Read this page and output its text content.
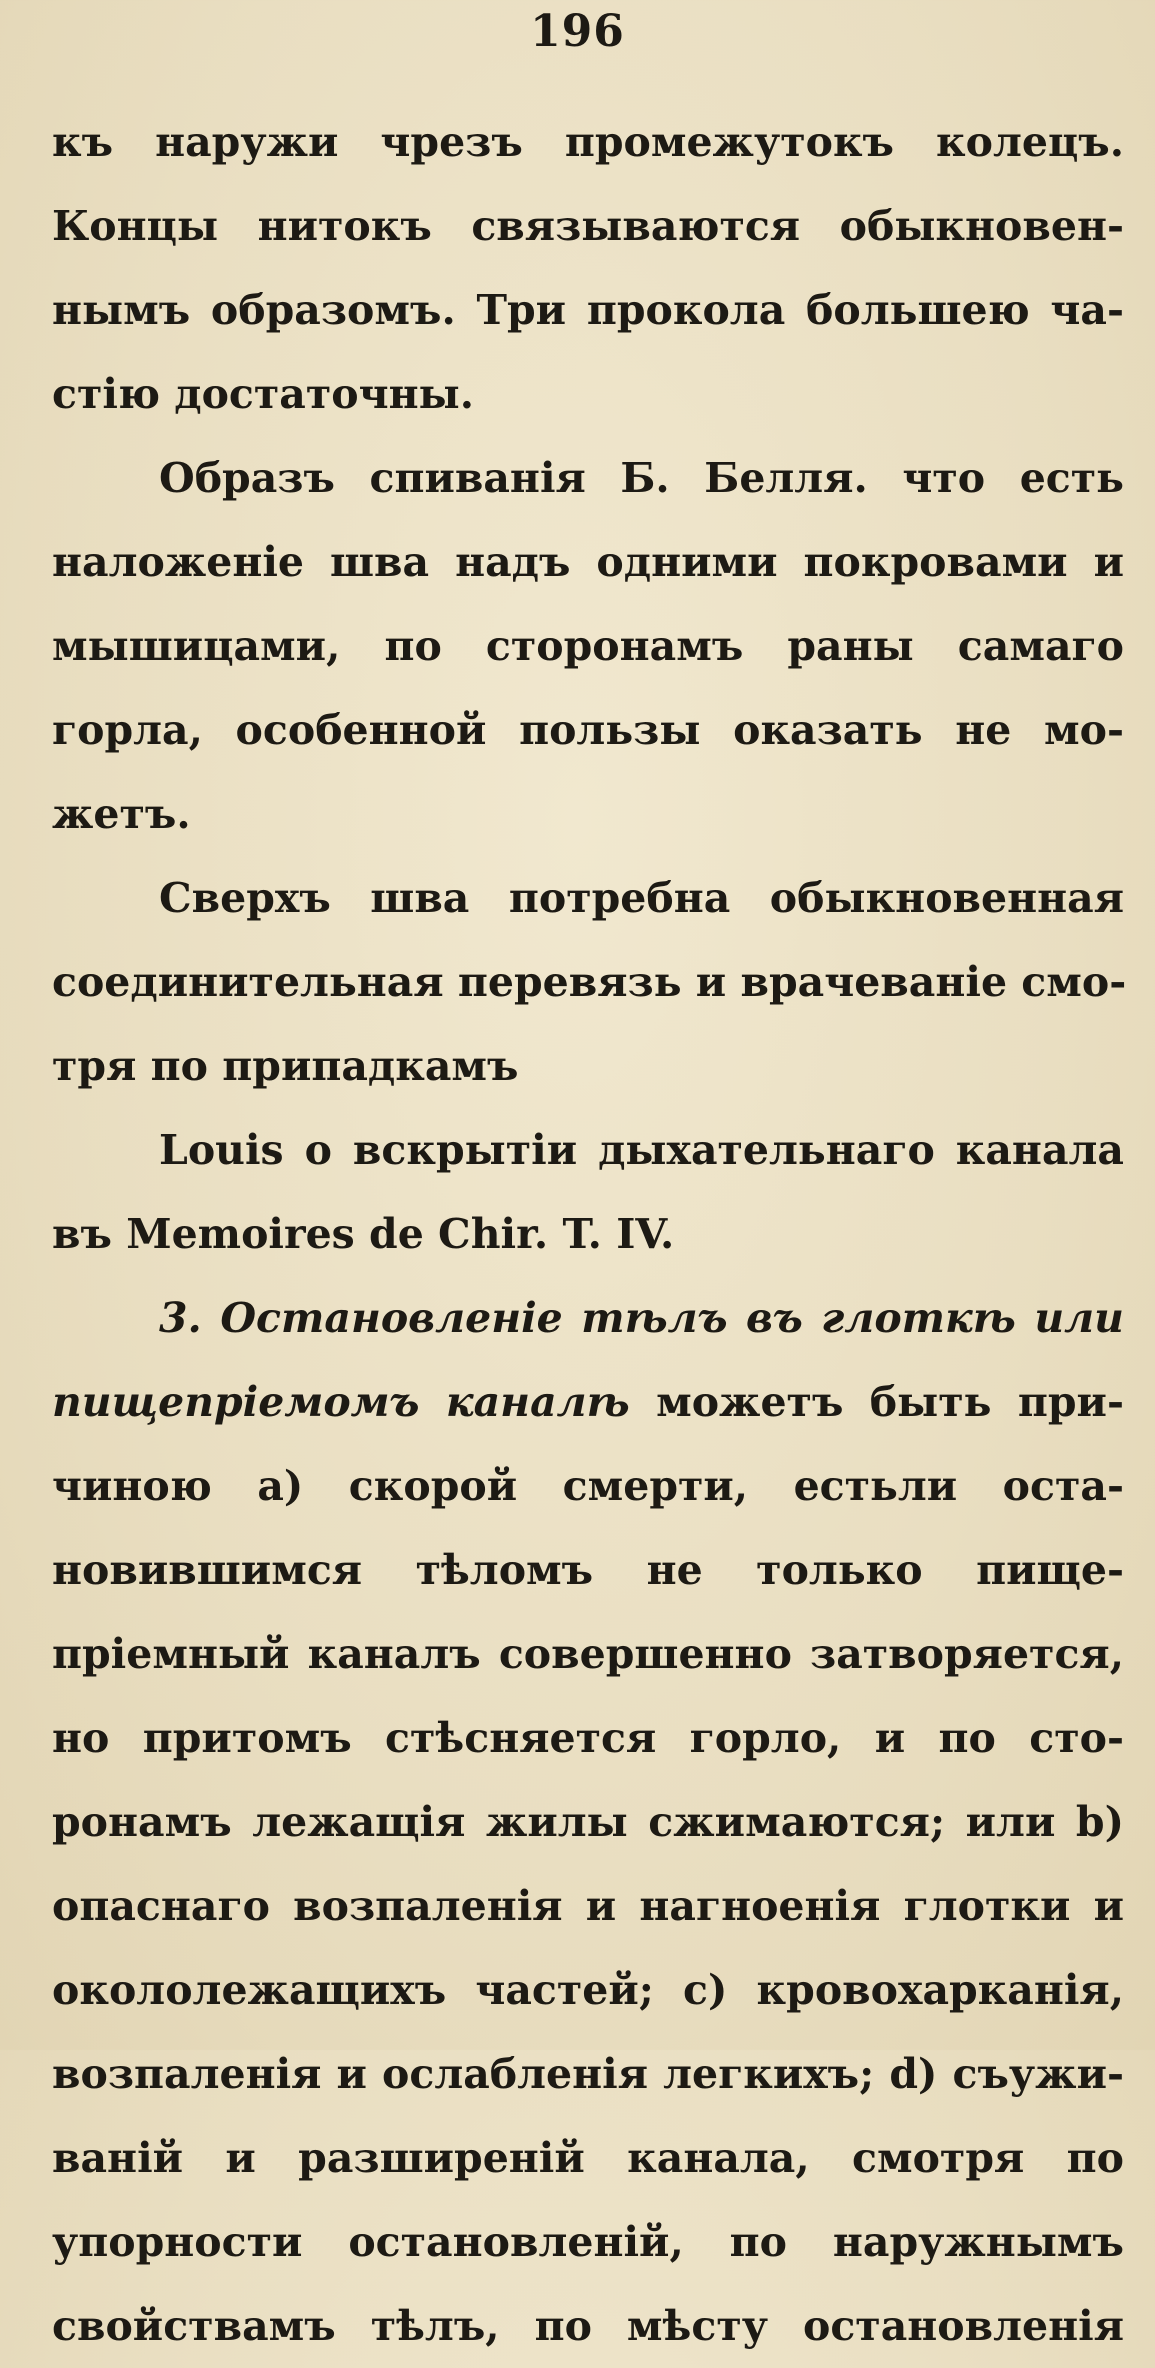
196
къ наружи чрезъ промежутокъ колецъ.
Концы нитокъ связываются обыкновен-
нымъ образомъ. Три прокола большею ча-
стію достаточны.
Образъ спиванія Б. Белля. что есть
наложеніе шва надъ одними покровами и
мышицами, по сторонамъ раны самаго
горла, особенной пользы оказать не мо-
жетъ.
Сверхъ шва потребна обыкновенная
соединительная перевязь и врачеваніе смо-
тря по припадкамъ
Louis о вскрытіи дыхательнаго канала
въ Memoires de Chir. T. IV.
3. Остановленіе тѣлъ въ глоткѣ или
пищепріемомъ каналѣ можетъ быть при-
чиною а) скорой смерти, естьли оста-
новившимся тѣломъ не только пище-
пріемный каналъ совершенно затворяется,
но притомъ стѣсняется горло, и по сто-
ронамъ лежащія жилы сжимаются; или b)
опаснаго возпаленія и нагноенія глотки и
окололежащихъ частей; с) кровохарканія,
возпаленія и ослабленія легкихъ; d) съужи-
ваній и разширеній канала, смотря по
упорности остановленій, по наружнымъ
свойствамъ тѣлъ, по мѣсту остановленія
